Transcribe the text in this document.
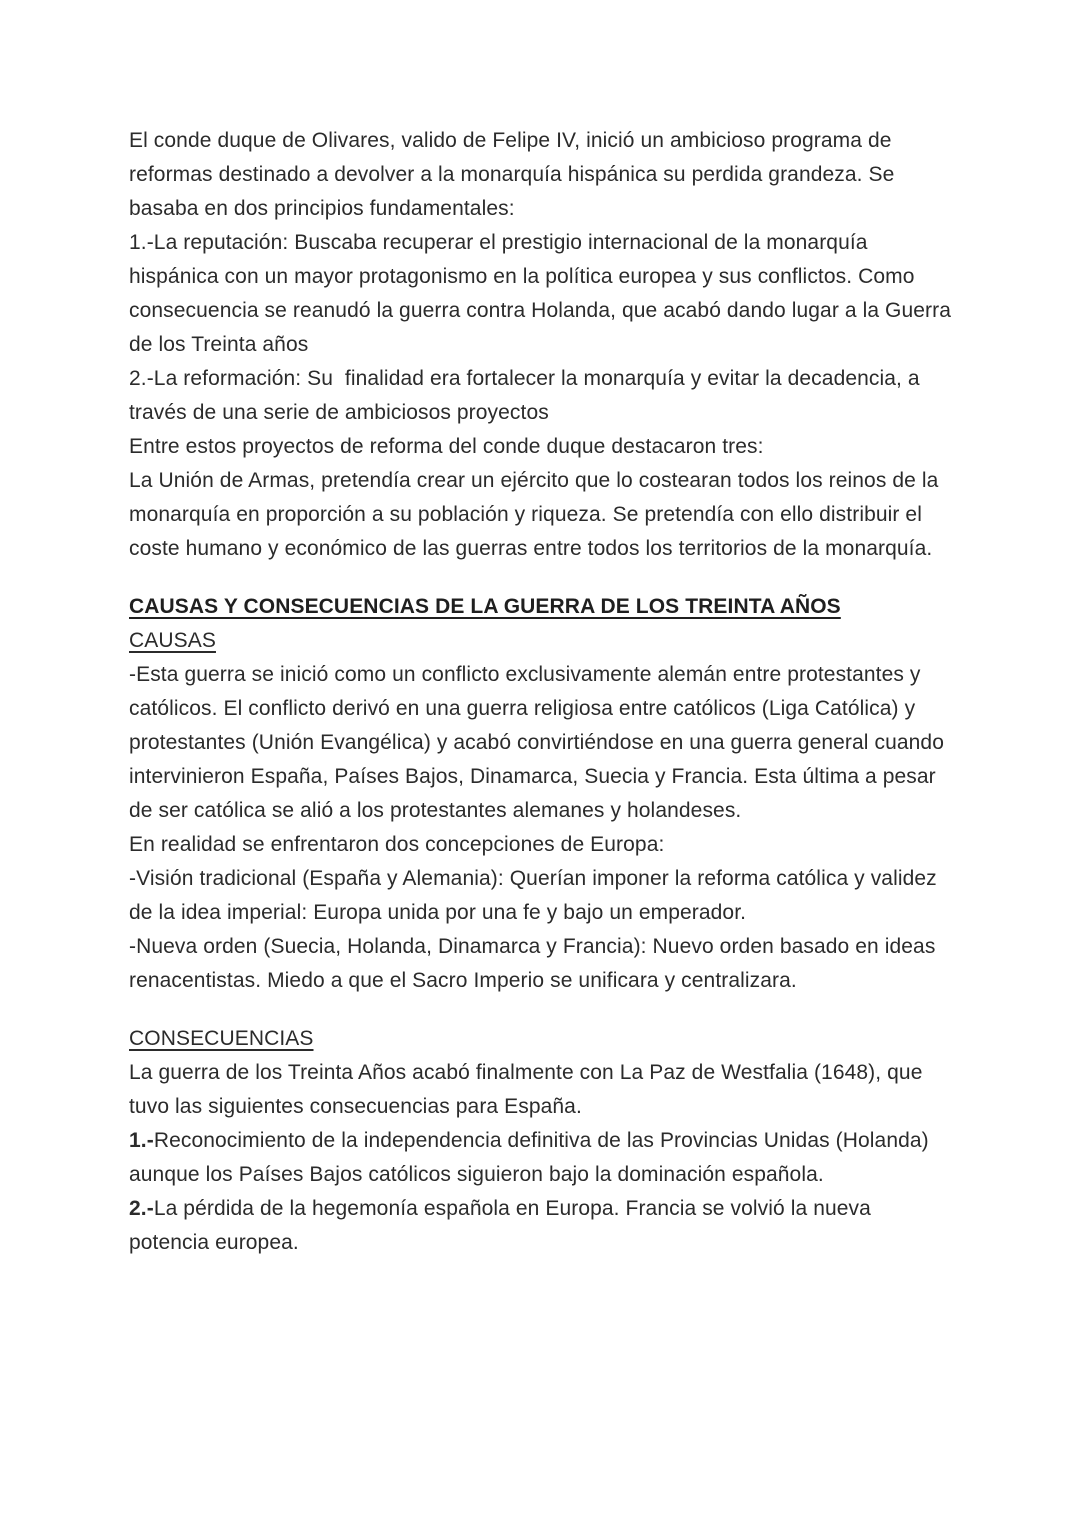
El conde duque de Olivares, valido de Felipe IV, inició un ambicioso programa de reformas destinado a devolver a la monarquía hispánica su perdida grandeza. Se basaba en dos principios fundamentales:

1.-La reputación: Buscaba recuperar el prestigio internacional de la monarquía hispánica con un mayor protagonismo en la política europea y sus conflictos. Como consecuencia se reanudó la guerra contra Holanda, que acabó dando lugar a la Guerra de los Treinta años

2.-La reformación: Su  finalidad era fortalecer la monarquía y evitar la decadencia, a través de una serie de ambiciosos proyectos

Entre estos proyectos de reforma del conde duque destacaron tres:

La Unión de Armas, pretendía crear un ejército que lo costearan todos los reinos de la monarquía en proporción a su población y riqueza. Se pretendía con ello distribuir el coste humano y económico de las guerras entre todos los territorios de la monarquía.

CAUSAS Y CONSECUENCIAS DE LA GUERRA DE LOS TREINTA AÑOS
CAUSAS

-Esta guerra se inició como un conflicto exclusivamente alemán entre protestantes y católicos. El conflicto derivó en una guerra religiosa entre católicos (Liga Católica) y protestantes (Unión Evangélica) y acabó convirtiéndose en una guerra general cuando intervinieron España, Países Bajos, Dinamarca, Suecia y Francia. Esta última a pesar de ser católica se alió a los protestantes alemanes y holandeses.

En realidad se enfrentaron dos concepciones de Europa:

-Visión tradicional (España y Alemania): Querían imponer la reforma católica y validez de la idea imperial: Europa unida por una fe y bajo un emperador.

-Nueva orden (Suecia, Holanda, Dinamarca y Francia): Nuevo orden basado en ideas renacentistas. Miedo a que el Sacro Imperio se unificara y centralizara.

CONSECUENCIAS

La guerra de los Treinta Años acabó finalmente con La Paz de Westfalia (1648), que tuvo las siguientes consecuencias para España.

1.-Reconocimiento de la independencia definitiva de las Provincias Unidas (Holanda) aunque los Países Bajos católicos siguieron bajo la dominación española.

2.-La pérdida de la hegemonía española en Europa. Francia se volvió la nueva potencia europea.
